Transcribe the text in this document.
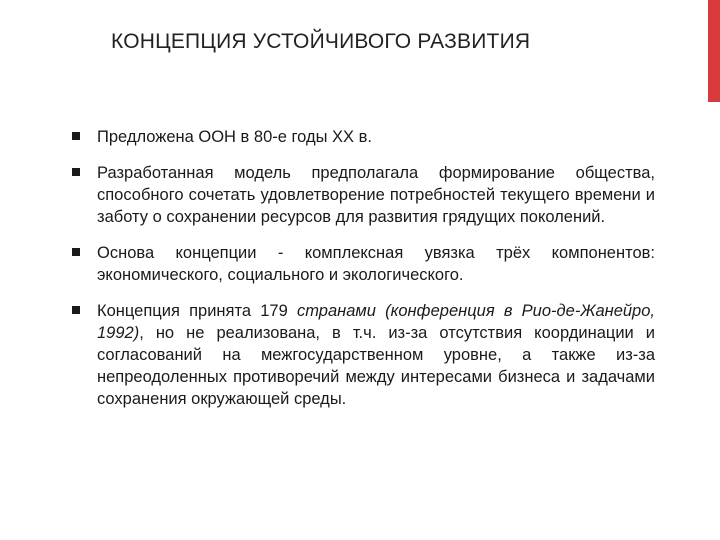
КОНЦЕПЦИЯ УСТОЙЧИВОГО РАЗВИТИЯ
Предложена ООН в 80-е годы XX в.
Разработанная модель предполагала формирование общества, способного сочетать удовлетворение потребностей текущего времени и заботу о сохранении ресурсов для развития грядущих поколений.
Основа концепции - комплексная увязка трёх компонентов: экономического, социального и экологического.
Концепция принята 179 странами (конференция в Рио-де-Жанейро, 1992), но не реализована, в т.ч. из-за отсутствия координации и согласований на межгосударственном уровне, а также из-за непреодоленных противоречий между интересами бизнеса и задачами сохранения окружающей среды.
